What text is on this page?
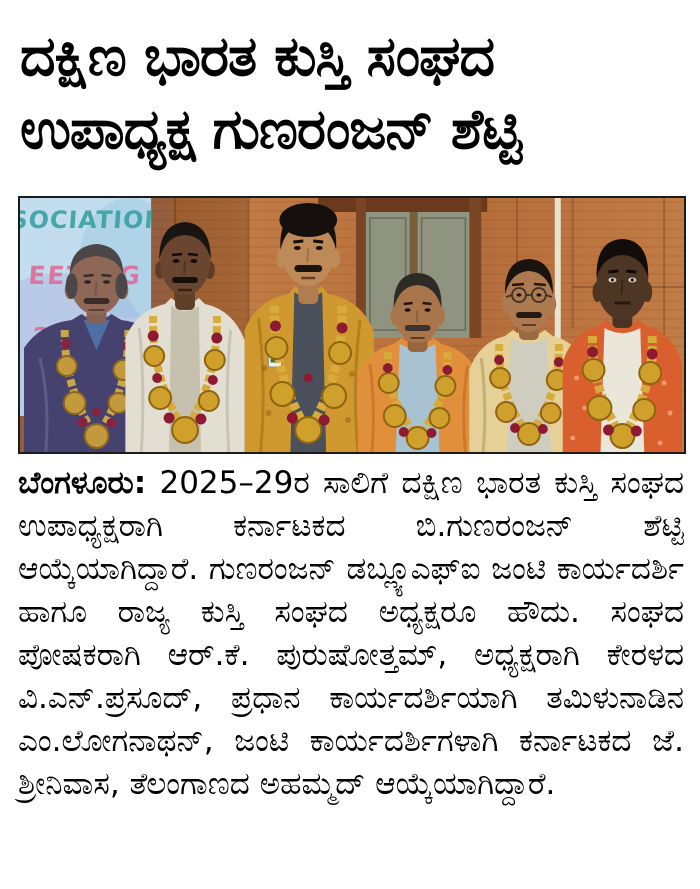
ದಕ್ಷಿಣ ಭಾರತ ಕುಸ್ತಿ ಸಂಘದ
ಉಪಾಧ್ಯಕ್ಷ ಗುಣರಂಜನ್ ಶೆಟ್ಟಿ

ಬೆಂಗಳೂರು: 2025–29ರ ಸಾಲಿಗೆ ದಕ್ಷಿಣ ಭಾರತ ಕುಸ್ತಿ ಸಂಘದ ಉಪಾಧ್ಯಕ್ಷರಾಗಿ ಕರ್ನಾಟಕದ ಬಿ.ಗುಣರಂಜನ್ ಶೆಟ್ಟಿ ಆಯ್ಕೆಯಾಗಿದ್ದಾರೆ. ಗುಣರಂಜನ್ ಡಬ್ಲ್ಯೂಎಫ್‌ಐ ಜಂಟಿ ಕಾರ್ಯದರ್ಶಿ ಹಾಗೂ ರಾಜ್ಯ ಕುಸ್ತಿ ಸಂಘದ ಅಧ್ಯಕ್ಷರೂ ಹೌದು. ಸಂಘದ ಪೋಷಕರಾಗಿ ಆರ್.ಕೆ. ಪುರುಷೋತ್ತಮ್, ಅಧ್ಯಕ್ಷರಾಗಿ ಕೇರಳದ ವಿ.ಎನ್.ಪ್ರಸೂದ್, ಪ್ರಧಾನ ಕಾರ್ಯದರ್ಶಿಯಾಗಿ ತಮಿಳುನಾಡಿನ ಎಂ.ಲೋಗನಾಥನ್, ಜಂಟಿ ಕಾರ್ಯದರ್ಶಿಗಳಾಗಿ ಕರ್ನಾಟಕದ ಜೆ. ಶ್ರೀನಿವಾಸ, ತೆಲಂಗಾಣದ ಅಹಮ್ಮದ್ ಆಯ್ಕೆಯಾಗಿದ್ದಾರೆ.
